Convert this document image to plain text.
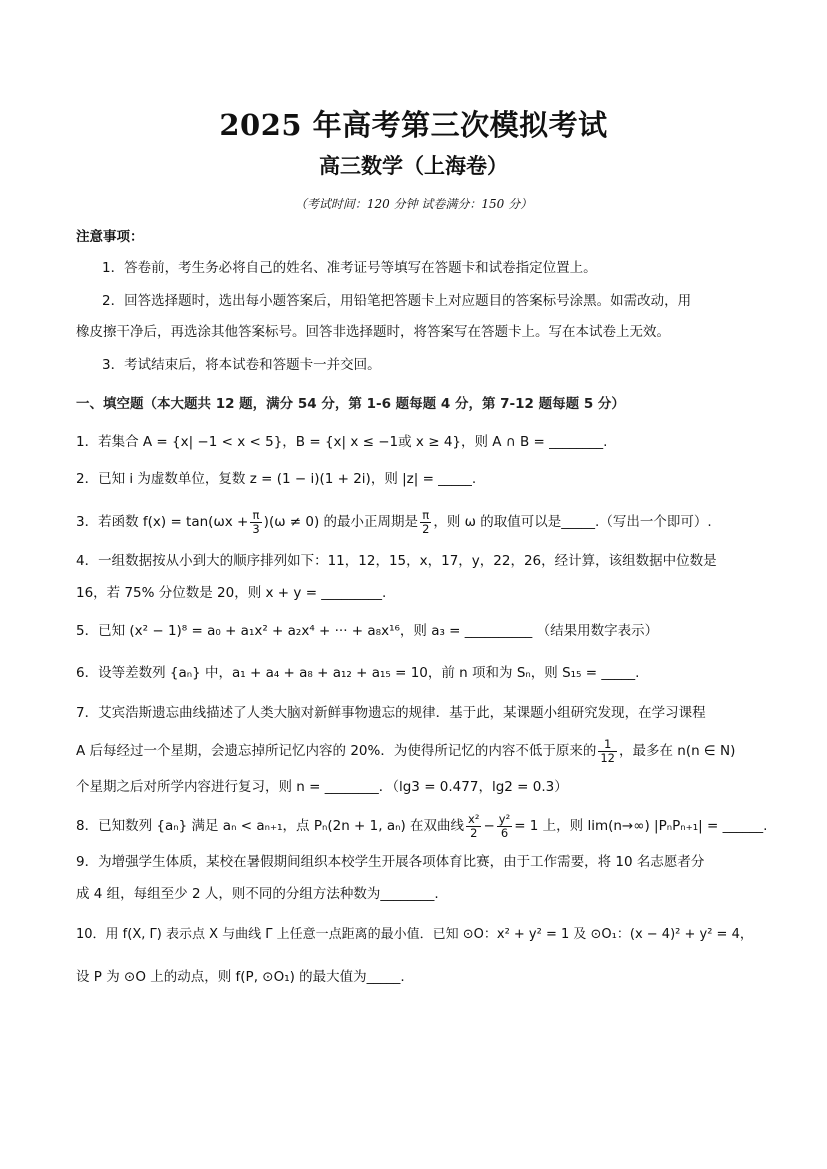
2025 年高考第三次模拟考试
高三数学（上海卷）
（考试时间：120 分钟 试卷满分：150 分）
注意事项：
1．答卷前，考生务必将自己的姓名、准考证号等填写在答题卡和试卷指定位置上。
2．回答选择题时，选出每小题答案后，用铅笔把答题卡上对应题目的答案标号涂黑。如需改动，用
橡皮擦干净后，再选涂其他答案标号。回答非选择题时，将答案写在答题卡上。写在本试卷上无效。
3．考试结束后，将本试卷和答题卡一并交回。
一、填空题（本大题共 12 题，满分 54 分，第 1-6 题每题 4 分，第 7-12 题每题 5 分）
1．若集合 A = {x| −1 < x < 5}，B = {x| x ≤ −1或 x ≥ 4}，则 A ∩ B = ________.
2．已知 i 为虚数单位，复数 z = (1 − i)(1 + 2i)，则 |z| = _____.
3．若函数 $f(x) = \tan(\omega x + \frac{\pi}{3} )(\omega \ne 0)$ 的最小正周期是 $\frac{\pi}{2}$ ，则 ω 的取值可以是_____.（写出一个即可）.
4．一组数据按从小到大的顺序排列如下：11，12，15，x，17，y，22，26，经计算，该组数据中位数是
16，若 75% 分位数是 20，则 x + y = _________.
5．已知 (x² − 1)⁸ = a₀ + a₁x² + a₂x⁴ + ··· + a₈x¹⁶，则 a₃ = __________ （结果用数字表示）
6．设等差数列 {aₙ} 中，a₁ + a₄ + a₈ + a₁₂ + a₁₅ = 10，前 n 项和为 Sₙ，则 S₁₅ = _____.
7．艾宾浩斯遗忘曲线描述了人类大脑对新鲜事物遗忘的规律．基于此，某课题小组研究发现，在学习课程
A 后每经过一个星期，会遗忘掉所记忆内容的 20%．为使得所记忆的内容不低于原来的 $\frac{1}{12}$ ，最多在 n(n ∈ N)
个星期之后对所学内容进行复习，则 n = ________．（lg3 = 0.477，lg2 = 0.3）
8．已知数列 {aₙ} 满足 aₙ < aₙ₊₁，点 Pₙ(2n + 1, aₙ) 在双曲线 $\frac{\text{x²}}{2} - \frac{\text{y²}}{6} = 1$ 上，则 lim(n→∞) |PₙPₙ₊₁| = ______.
9．为增强学生体质，某校在暑假期间组织本校学生开展各项体育比赛，由于工作需要，将 10 名志愿者分
成 4 组，每组至少 2 人，则不同的分组方法种数为________.
10．用 f(X, Γ) 表示点 X 与曲线 Γ 上任意一点距离的最小值．已知 ⊙O：x² + y² = 1 及 ⊙O₁：(x − 4)² + y² = 4，
设 P 为 ⊙O 上的动点，则 f(P, ⊙O₁) 的最大值为_____.
